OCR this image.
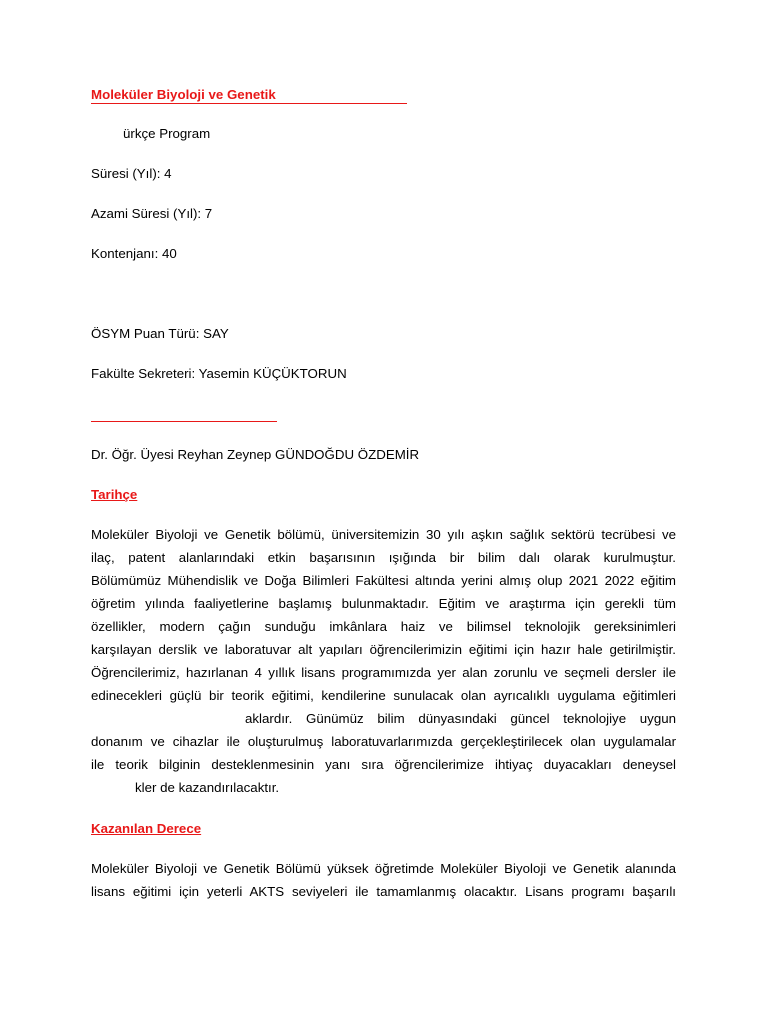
Moleküler Biyoloji ve Genetik

ürkçe Program

Süresi (Yıl): 4

Azami Süresi (Yıl): 7

Kontenjanı: 40

ÖSYM Puan Türü: SAY

Fakülte Sekreteri: Yasemin KÜÇÜKTORUN

Dr. Öğr. Üyesi Reyhan Zeynep GÜNDOĞDU ÖZDEMİR

Tarihçe

Moleküler Biyoloji ve Genetik bölümü, üniversitemizin 30 yılı aşkın sağlık sektörü tecrübesi ve
ilaç, patent alanlarındaki etkin başarısının ışığında bir bilim dalı olarak kurulmuştur.
Bölümümüz Mühendislik ve Doğa Bilimleri Fakültesi altında yerini almış olup 2021 2022 eğitim
öğretim yılında faaliyetlerine başlamış bulunmaktadır. Eğitim ve araştırma için gerekli tüm
özellikler, modern çağın sunduğu imkânlara haiz ve bilimsel teknolojik gereksinimleri
karşılayan derslik ve laboratuvar alt yapıları öğrencilerimizin eğitimi için hazır hale getirilmiştir.
Öğrencilerimiz, hazırlanan 4 yıllık lisans programımızda yer alan zorunlu ve seçmeli dersler ile
edinecekleri güçlü bir teorik eğitimi, kendilerine sunulacak olan ayrıcalıklı uygulama eğitimleri
aklardır. Günümüz bilim dünyasındaki güncel teknolojiye uygun
donanım ve cihazlar ile oluşturulmuş laboratuvarlarımızda gerçekleştirilecek olan uygulamalar
ile teorik bilginin desteklenmesinin yanı sıra öğrencilerimize ihtiyaç duyacakları deneysel
kler de kazandırılacaktır.

Kazanılan Derece

Moleküler Biyoloji ve Genetik Bölümü yüksek öğretimde Moleküler Biyoloji ve Genetik alanında
lisans eğitimi için yeterli AKTS seviyeleri ile tamamlanmış olacaktır. Lisans programı başarılı
